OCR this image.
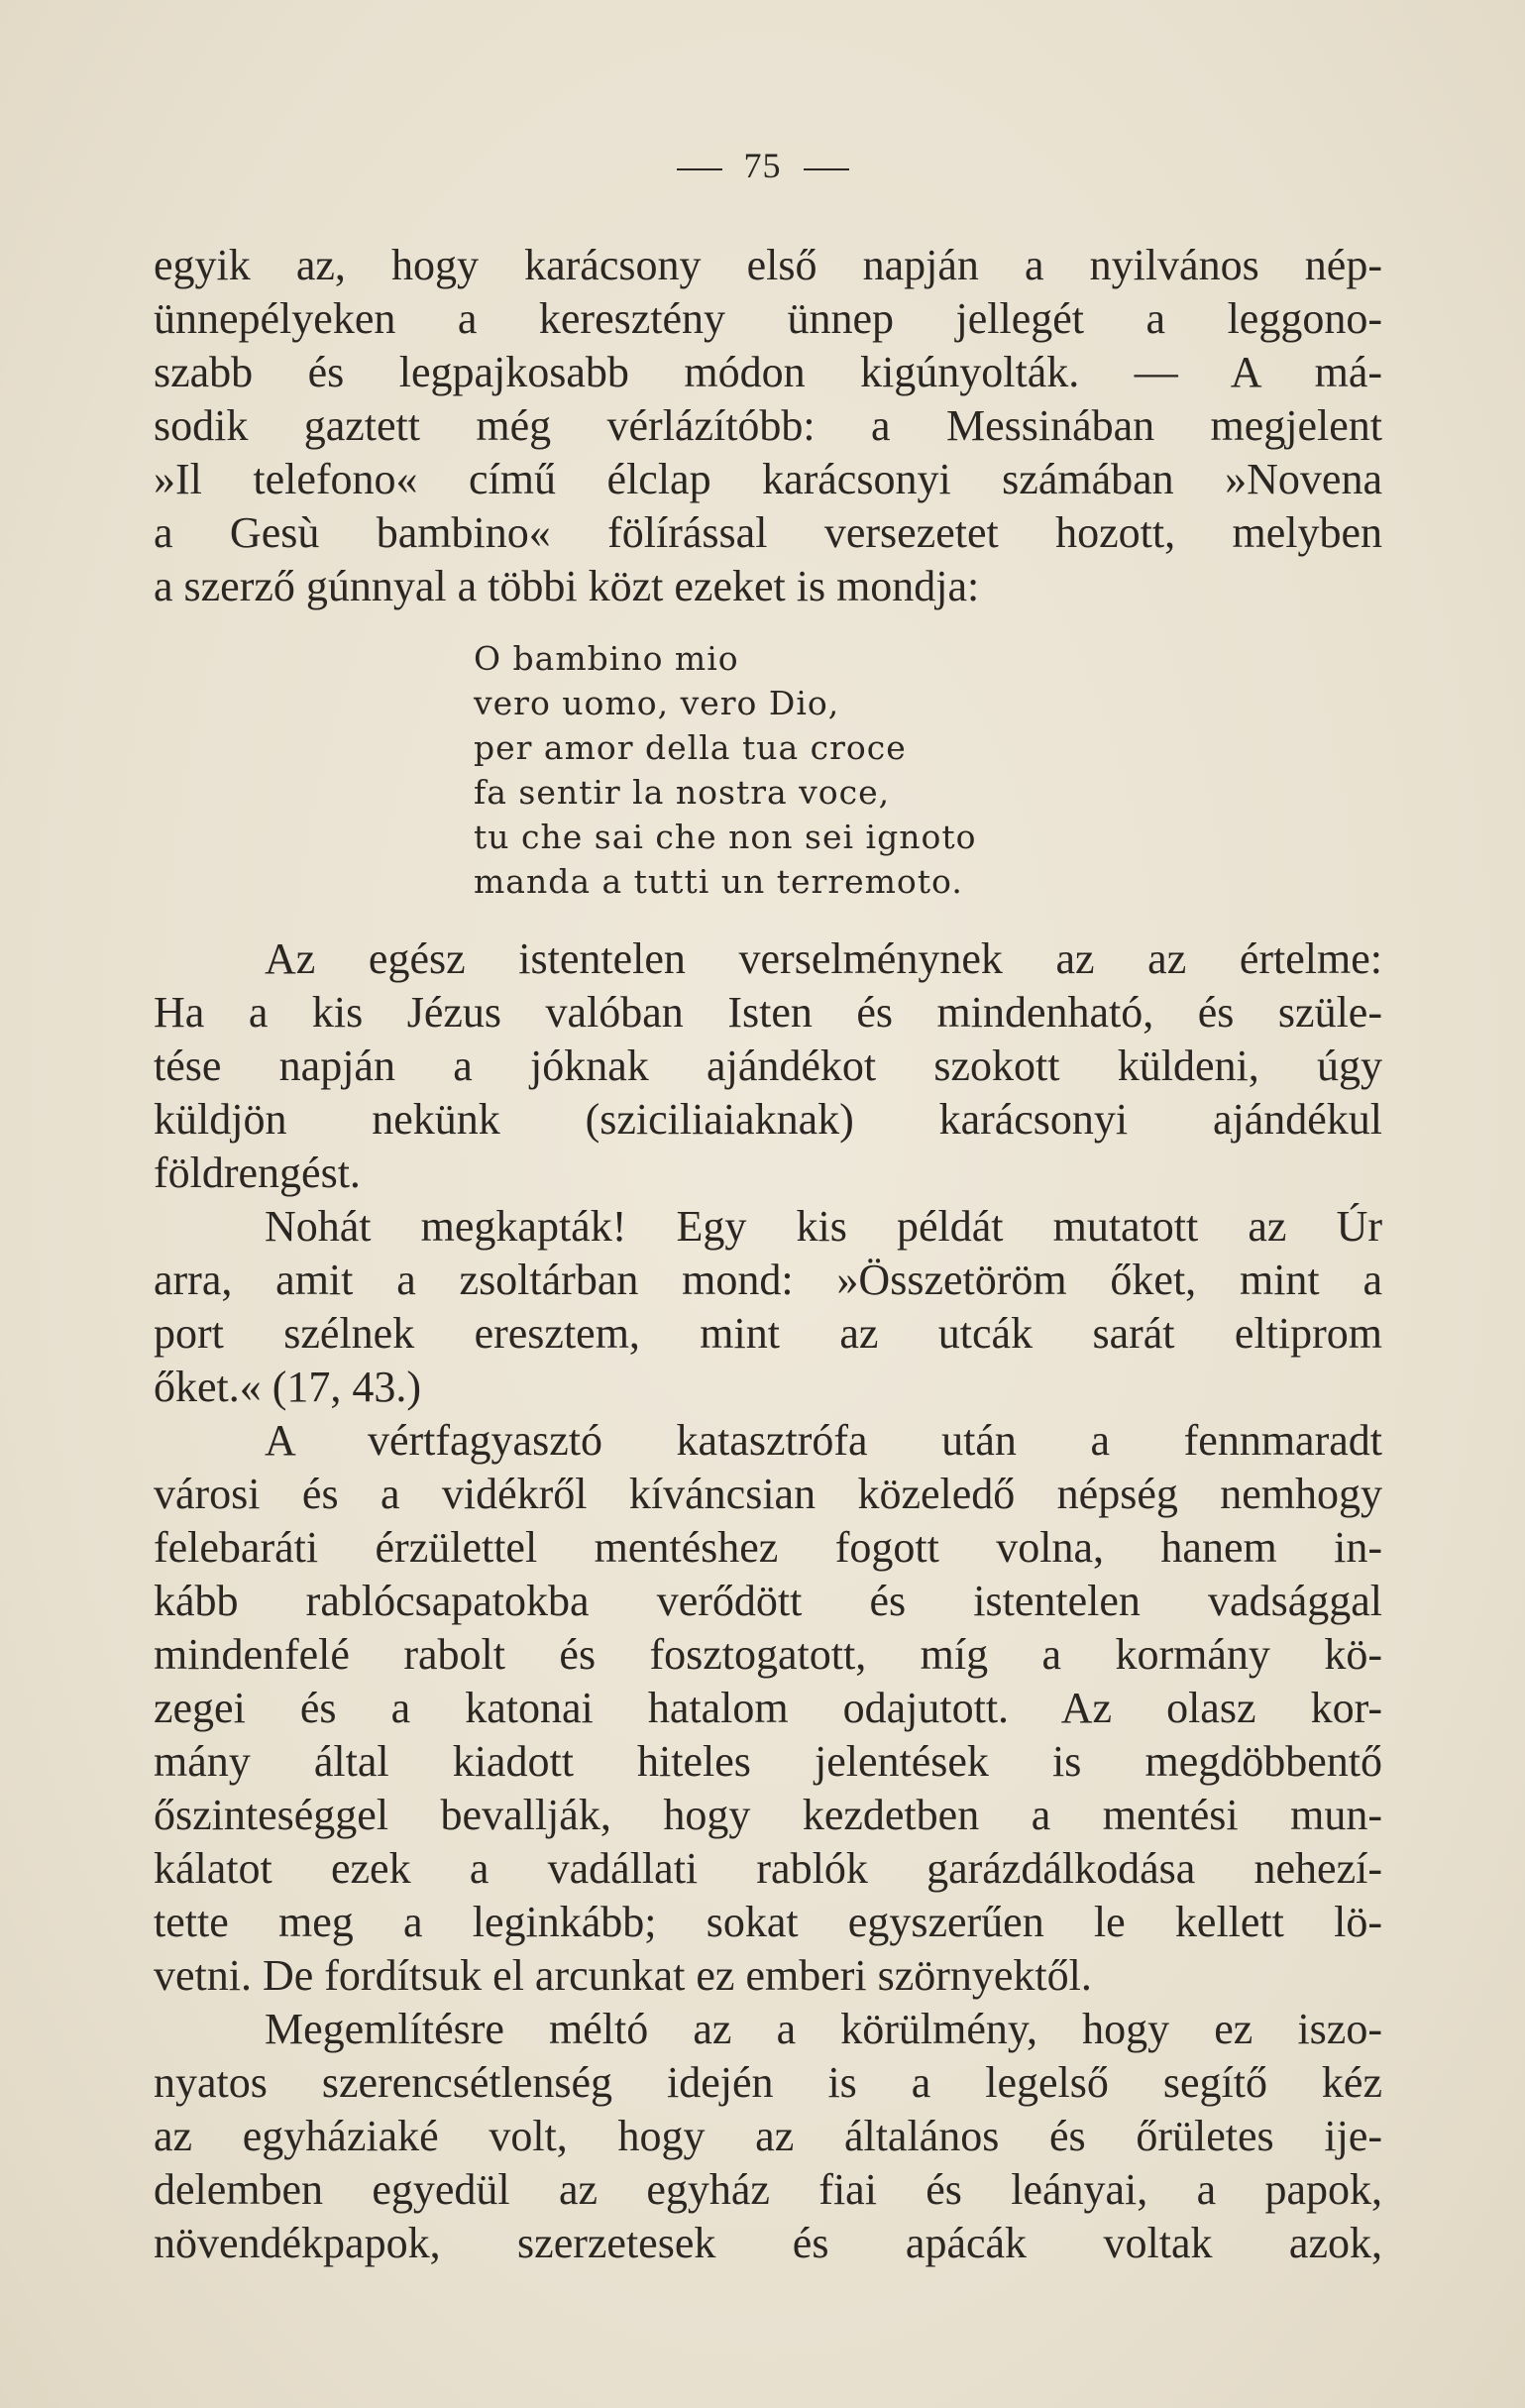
75
egyik az, hogy karácsony első napján a nyilvános nép-
ünnepélyeken a keresztény ünnep jellegét a leggono-
szabb és legpajkosabb módon kigúnyolták. — A má-
sodik gaztett még vérlázítóbb: a Messinában megjelent
»Il telefono« című élclap karácsonyi számában »Novena
a Gesù bambino« fölírással versezetet hozott, melyben
a szerző gúnnyal a többi közt ezeket is mondja:
O bambino mio
vero uomo, vero Dio,
per amor della tua croce
fa sentir la nostra voce,
tu che sai che non sei ignoto
manda a tutti un terremoto.
Az egész istentelen verselménynek az az értelme:
Ha a kis Jézus valóban Isten és mindenható, és szüle-
tése napján a jóknak ajándékot szokott küldeni, úgy
küldjön nekünk (sziciliaiaknak) karácsonyi ajándékul
földrengést.
Nohát megkapták! Egy kis példát mutatott az Úr
arra, amit a zsoltárban mond: »Összetöröm őket, mint a
port szélnek eresztem, mint az utcák sarát eltiprom
őket.« (17, 43.)
A vértfagyasztó katasztrófa után a fennmaradt
városi és a vidékről kíváncsian közeledő népség nemhogy
felebaráti érzülettel mentéshez fogott volna, hanem in-
kább rablócsapatokba verődött és istentelen vadsággal
mindenfelé rabolt és fosztogatott, míg a kormány kö-
zegei és a katonai hatalom odajutott. Az olasz kor-
mány által kiadott hiteles jelentések is megdöbbentő
őszinteséggel bevallják, hogy kezdetben a mentési mun-
kálatot ezek a vadállati rablók garázdálkodása nehezí-
tette meg a leginkább; sokat egyszerűen le kellett lö-
vetni. De fordítsuk el arcunkat ez emberi szörnyektől.
Megemlítésre méltó az a körülmény, hogy ez iszo-
nyatos szerencsétlenség idején is a legelső segítő kéz
az egyháziaké volt, hogy az általános és őrületes ije-
delemben egyedül az egyház fiai és leányai, a papok,
növendékpapok, szerzetesek és apácák voltak azok,
